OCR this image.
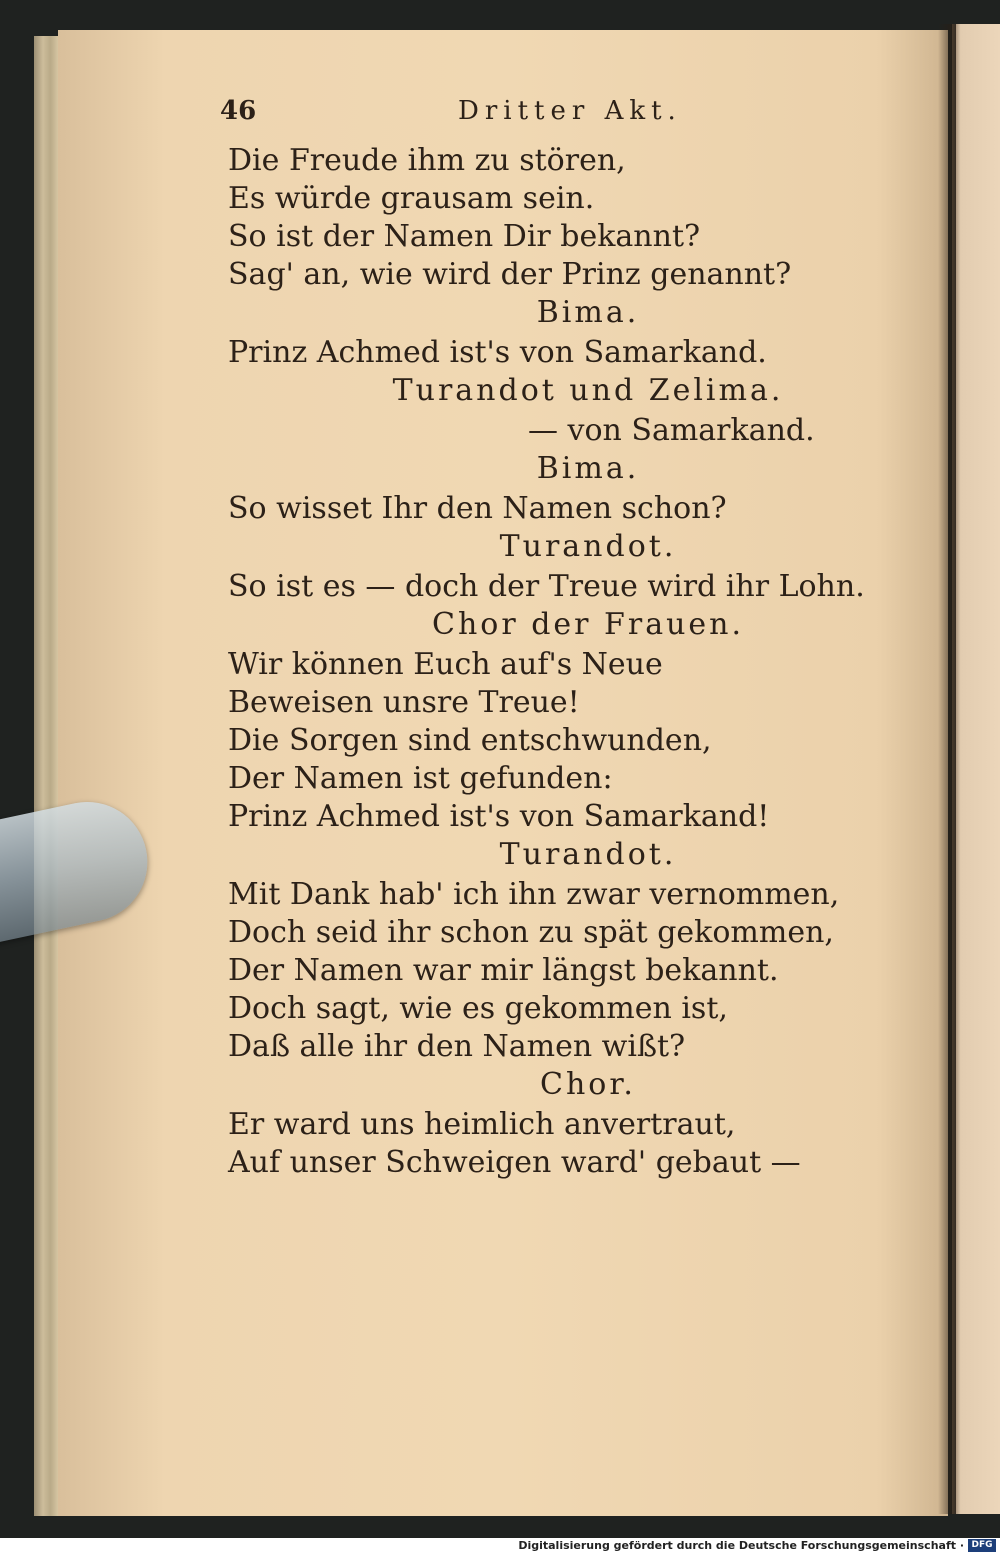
46	Dritter Akt.
Die Freude ihm zu stören,
Es würde grausam sein.
So ist der Namen Dir bekannt?
Sag' an, wie wird der Prinz genannt?
Bima.
Prinz Achmed ist's von Samarkand.
Turandot und Zelima.
— von Samarkand.
Bima.
So wisset Ihr den Namen schon?
Turandot.
So ist es — doch der Treue wird ihr Lohn.
Chor der Frauen.
Wir können Euch auf's Neue
Beweisen unsre Treue!
Die Sorgen sind entschwunden,
Der Namen ist gefunden:
Prinz Achmed ist's von Samarkand!
Turandot.
Mit Dank hab' ich ihn zwar vernommen,
Doch seid ihr schon zu spät gekommen,
Der Namen war mir längst bekannt.
Doch sagt, wie es gekommen ist,
Daß alle ihr den Namen wißt?
Chor.
Er ward uns heimlich anvertraut,
Auf unser Schweigen ward' gebaut —
Digitalisierung gefördert durch die Deutsche Forschungsgemeinschaft · DFG
